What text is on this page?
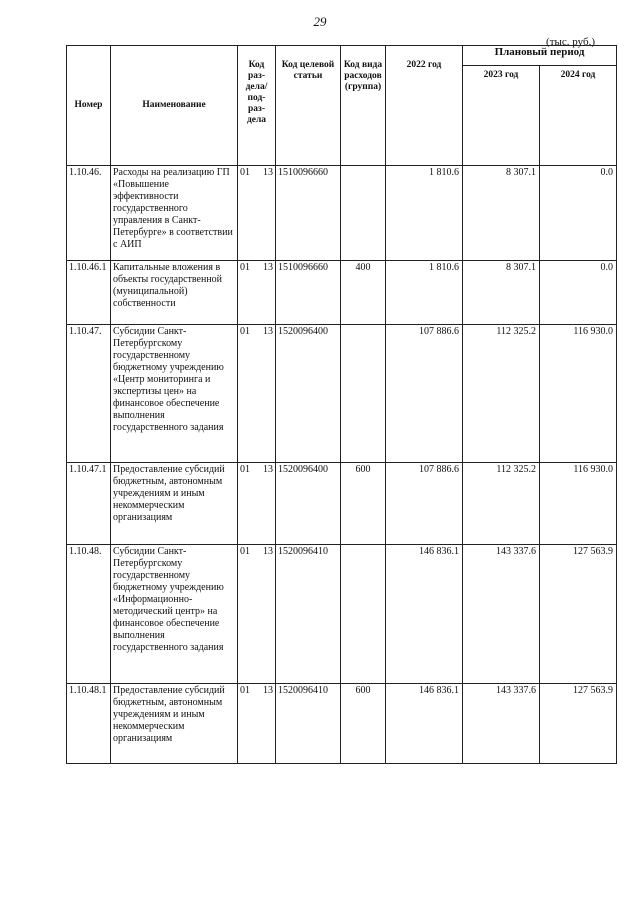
29
(тыс. руб.)
Номер	Наименование	Код раз-дела/ под-раз-дела	Код целевой статьи	Код вида расходов (группа)	2022 год	Плановый период	
						2023 год	2024 год
1.10.46.	Расходы на реализацию ГП «Повышение эффективности государственного управления в Санкт-Петербурге» в соответствии с АИП	01 13	1510096660		1 810.6	8 307.1	0.0
1.10.46.1	Капитальные вложения в объекты государственной (муниципальной) собственности	01 13	1510096660	400	1 810.6	8 307.1	0.0
1.10.47.	Субсидии Санкт-Петербургскому государственному бюджетному учреждению «Центр мониторинга и экспертизы цен» на финансовое обеспечение выполнения государственного задания	01 13	1520096400		107 886.6	112 325.2	116 930.0
1.10.47.1	Предоставление субсидий бюджетным, автономным учреждениям и иным некоммерческим организациям	01 13	1520096400	600	107 886.6	112 325.2	116 930.0
1.10.48.	Субсидии Санкт-Петербургскому государственному бюджетному учреждению «Информационно-методический центр» на финансовое обеспечение выполнения государственного задания	01 13	1520096410		146 836.1	143 337.6	127 563.9
1.10.48.1	Предоставление субсидий бюджетным, автономным учреждениям и иным некоммерческим организациям	01 13	1520096410	600	146 836.1	143 337.6	127 563.9
